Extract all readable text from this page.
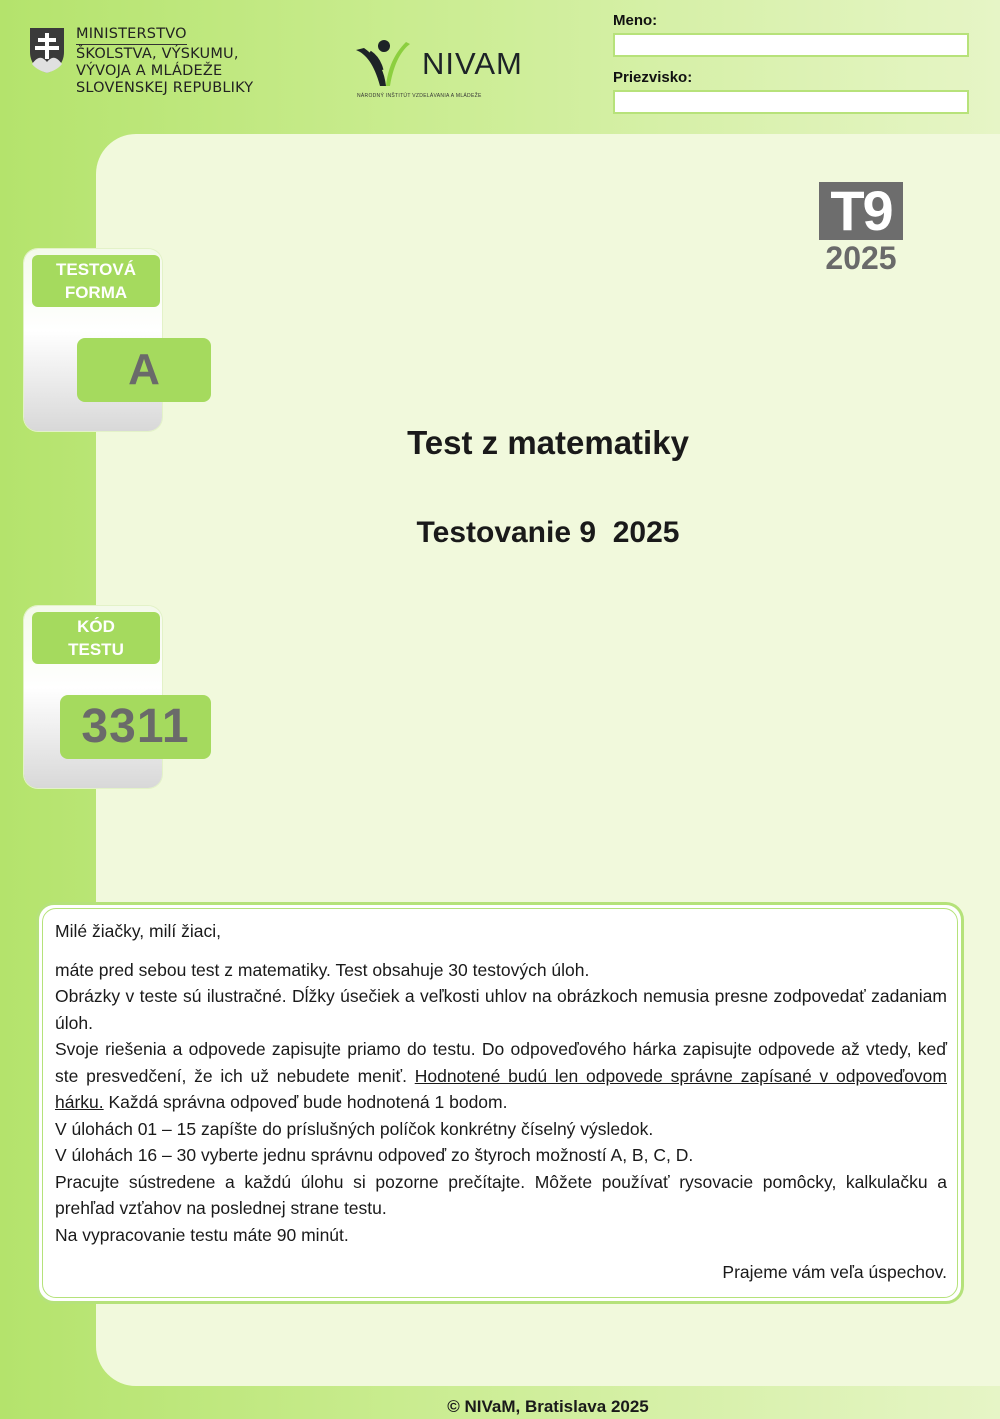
MINISTERSTVO
ŠKOLSTVA, VÝSKUMU,
VÝVOJA A MLÁDEŽE
SLOVENSKEJ REPUBLIKY
NIVAM
NÁRODNÝ INŠTITÚT VZDELÁVANIA A MLÁDEŽE
Meno:
Priezvisko:
T9
2025
TESTOVÁ
FORMA
A
KÓD
TESTU
3311
Test z matematiky
Testovanie 9  2025

Milé žiačky, milí žiaci,

máte pred sebou test z matematiky. Test obsahuje 30 testových úloh.

Obrázky v teste sú ilustračné. Dĺžky úsečiek a veľkosti uhlov na obrázkoch nemusia presne zodpovedať zadaniam úloh.

Svoje riešenia a odpovede zapisujte priamo do testu. Do odpoveďového hárka zapisujte odpovede až vtedy, keď ste presvedčení, že ich už nebudete meniť. Hodnotené budú len odpovede správne zapísané v odpoveďovom hárku. Každá správna odpoveď bude hodnotená 1 bodom.

V úlohách 01 – 15 zapíšte do príslušných políčok konkrétny číselný výsledok.

V úlohách 16 – 30 vyberte jednu správnu odpoveď zo štyroch možností A, B, C, D.

Pracujte sústredene a každú úlohu si pozorne prečítajte. Môžete používať rysovacie pomôcky, kalkulačku a prehľad vzťahov na poslednej strane testu.

Na vypracovanie testu máte 90 minút.

Prajeme vám veľa úspechov.

© NIVaM, Bratislava 2025
